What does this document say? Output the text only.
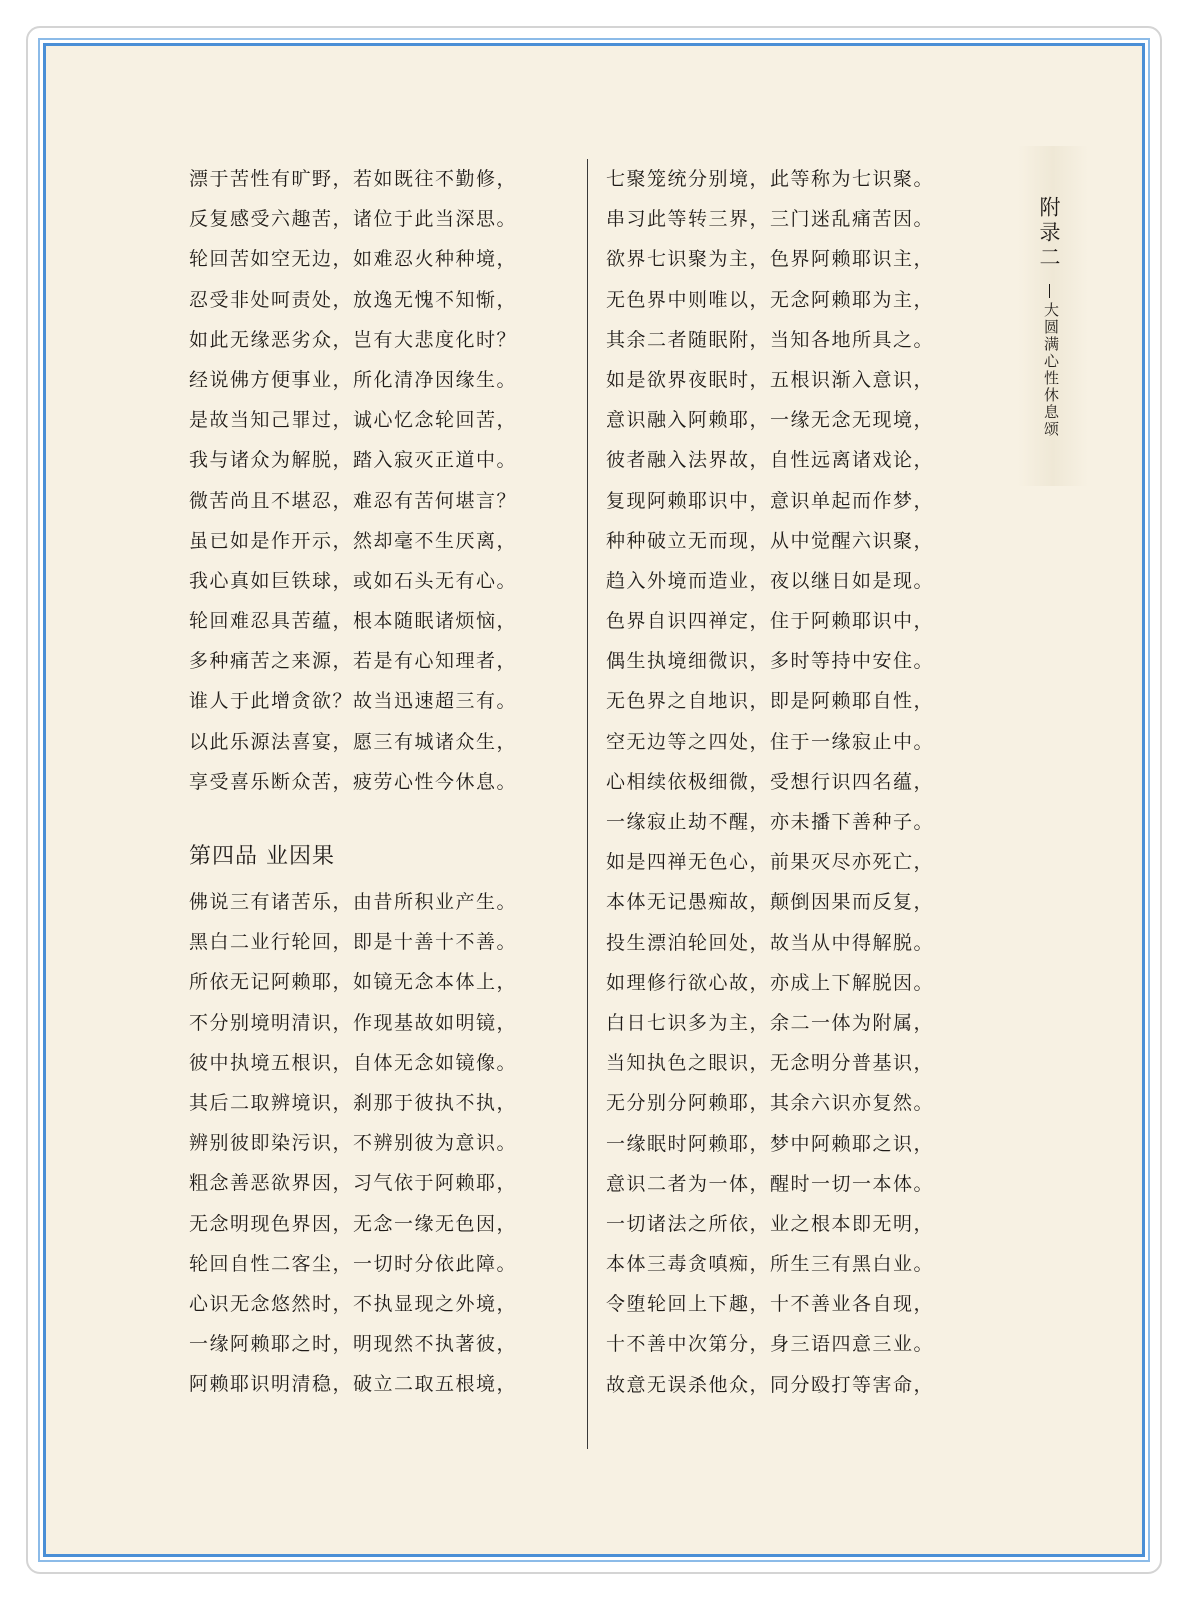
漂于苦性有旷野，若如既往不勤修，
反复感受六趣苦，诸位于此当深思。
轮回苦如空无边，如难忍火种种境，
忍受非处呵责处，放逸无愧不知惭，
如此无缘恶劣众，岂有大悲度化时？
经说佛方便事业，所化清净因缘生。
是故当知己罪过，诚心忆念轮回苦，
我与诸众为解脱，踏入寂灭正道中。
微苦尚且不堪忍，难忍有苦何堪言？
虽已如是作开示，然却毫不生厌离，
我心真如巨铁球，或如石头无有心。
轮回难忍具苦蕴，根本随眠诸烦恼，
多种痛苦之来源，若是有心知理者，
谁人于此增贪欲？故当迅速超三有。
以此乐源法喜宴，愿三有城诸众生，
享受喜乐断众苦，疲劳心性今休息。
第四品 业因果
佛说三有诸苦乐，由昔所积业产生。
黑白二业行轮回，即是十善十不善。
所依无记阿赖耶，如镜无念本体上，
不分别境明清识，作现基故如明镜，
彼中执境五根识，自体无念如镜像。
其后二取辨境识，刹那于彼执不执，
辨别彼即染污识，不辨别彼为意识。
粗念善恶欲界因，习气依于阿赖耶，
无念明现色界因，无念一缘无色因，
轮回自性二客尘，一切时分依此障。
心识无念悠然时，不执显现之外境，
一缘阿赖耶之时，明现然不执著彼，
阿赖耶识明清稳，破立二取五根境，
七聚笼统分别境，此等称为七识聚。
串习此等转三界，三门迷乱痛苦因。
欲界七识聚为主，色界阿赖耶识主，
无色界中则唯以，无念阿赖耶为主，
其余二者随眠附，当知各地所具之。
如是欲界夜眠时，五根识渐入意识，
意识融入阿赖耶，一缘无念无现境，
彼者融入法界故，自性远离诸戏论，
复现阿赖耶识中，意识单起而作梦，
种种破立无而现，从中觉醒六识聚，
趋入外境而造业，夜以继日如是现。
色界自识四禅定，住于阿赖耶识中，
偶生执境细微识，多时等持中安住。
无色界之自地识，即是阿赖耶自性，
空无边等之四处，住于一缘寂止中。
心相续依极细微，受想行识四名蕴，
一缘寂止劫不醒，亦未播下善种子。
如是四禅无色心，前果灭尽亦死亡，
本体无记愚痴故，颠倒因果而反复，
投生漂泊轮回处，故当从中得解脱。
如理修行欲心故，亦成上下解脱因。
白日七识多为主，余二一体为附属，
当知执色之眼识，无念明分普基识，
无分别分阿赖耶，其余六识亦复然。
一缘眠时阿赖耶，梦中阿赖耶之识，
意识二者为一体，醒时一切一本体。
一切诸法之所依，业之根本即无明，
本体三毒贪嗔痴，所生三有黑白业。
令堕轮回上下趣，十不善业各自现，
十不善中次第分，身三语四意三业。
故意无误杀他众，同分殴打等害命，
附录二
大圆满心性休息颂
